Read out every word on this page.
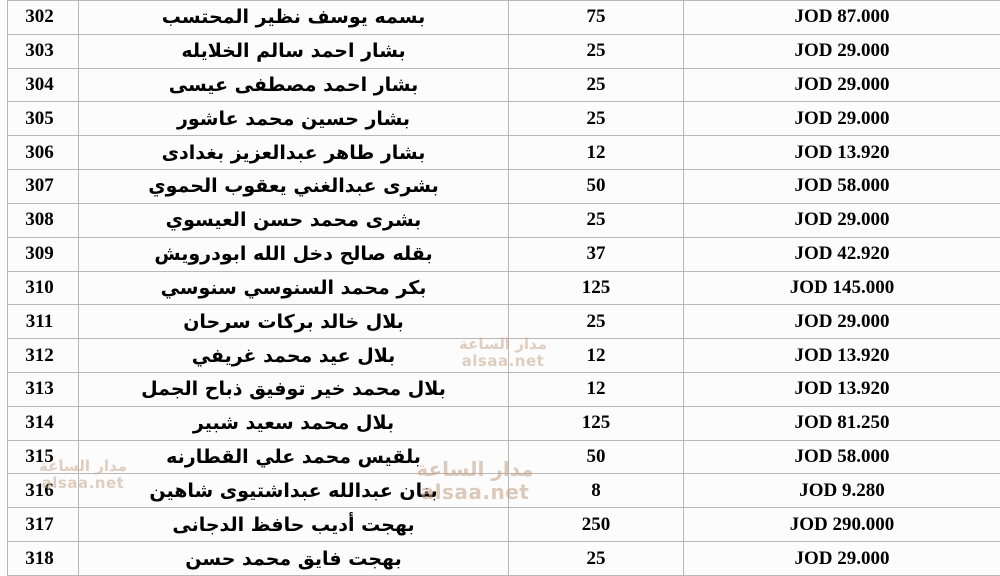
JOD 87.000	75	بسمه يوسف نظير المحتسب	302
JOD 29.000	25	بشار احمد سالم الخلايله	303
JOD 29.000	25	بشار احمد مصطفى عيسى	304
JOD 29.000	25	بشار حسين محمد عاشور	305
JOD 13.920	12	بشار طاهر عبدالعزيز بغدادى	306
JOD 58.000	50	بشرى عبدالغني يعقوب الحموي	307
JOD 29.000	25	بشرى محمد حسن العيسوي	308
JOD 42.920	37	بقله صالح دخل الله ابودرويش	309
JOD 145.000	125	بكر محمد السنوسي سنوسي	310
JOD 29.000	25	بلال خالد بركات سرحان	311
JOD 13.920	12	بلال عيد محمد غريفي	312
JOD 13.920	12	بلال محمد خير توفيق ذباح الجمل	313
JOD 81.250	125	بلال محمد سعيد شبير	314
JOD 58.000	50	بلقيس محمد علي القطارنه	315
JOD 9.280	8	بنان عبدالله عبداشتيوى شاهين	316
JOD 290.000	250	بهجت أديب حافظ الدجانى	317
JOD 29.000	25	بهجت فايق محمد حسن	318
مدار الساعة
alsaa.net
مدار الساعة
alsaa.net
مدار الساعة
alsaa.net
